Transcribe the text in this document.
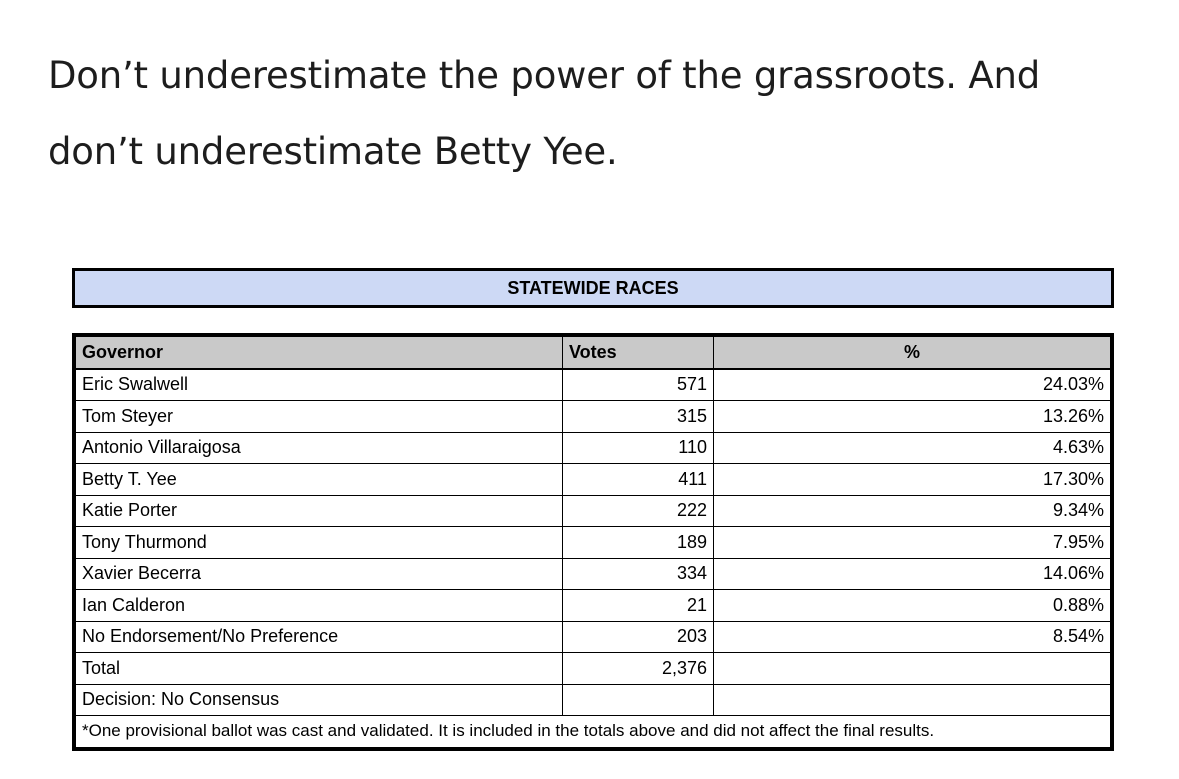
Don’t underestimate the power of the grassroots. And

don’t underestimate Betty Yee.

STATEWIDE RACES
Governor	Votes	%
Eric Swalwell	571	24.03%
Tom Steyer	315	13.26%
Antonio Villaraigosa	110	4.63%
Betty T. Yee	411	17.30%
Katie Porter	222	9.34%
Tony Thurmond	189	7.95%
Xavier Becerra	334	14.06%
Ian Calderon	21	0.88%
No Endorsement/No Preference	203	8.54%
Total	2,376	
Decision: No Consensus		
*One provisional ballot was cast and validated. It is included in the totals above and did not affect the final results.		
